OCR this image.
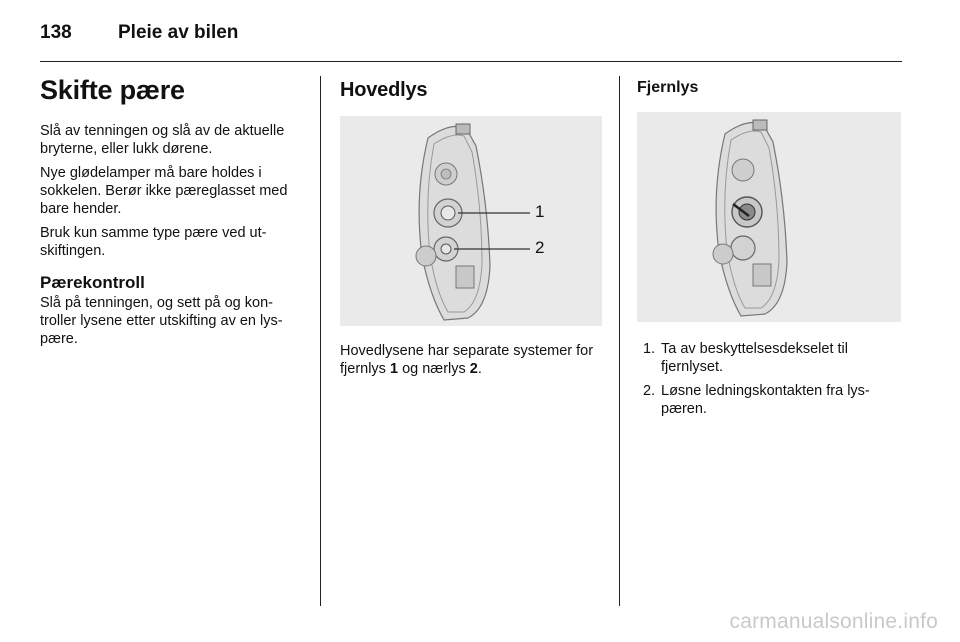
138 Pleie av bilen
Skifte pære

Slå av tenningen og slå av de aktuelle bryterne, eller lukk dørene.

Nye glødelamper må bare holdes i sokkelen. Berør ikke pæreglasset med bare hender.

Bruk kun samme type pære ved ut- skiftingen.

Pærekontroll

Slå på tenningen, og sett på og kon- troller lysene etter utskifting av en lys- pære.

Hovedlys
1
2

Hovedlysene har separate systemer for fjernlys 1 og nærlys 2.

Fjernlys
1. Ta av beskyttelsesdekselet til fjernlyset.
2. Løsne ledningskontakten fra lys- pæren.
carmanualsonline.info
